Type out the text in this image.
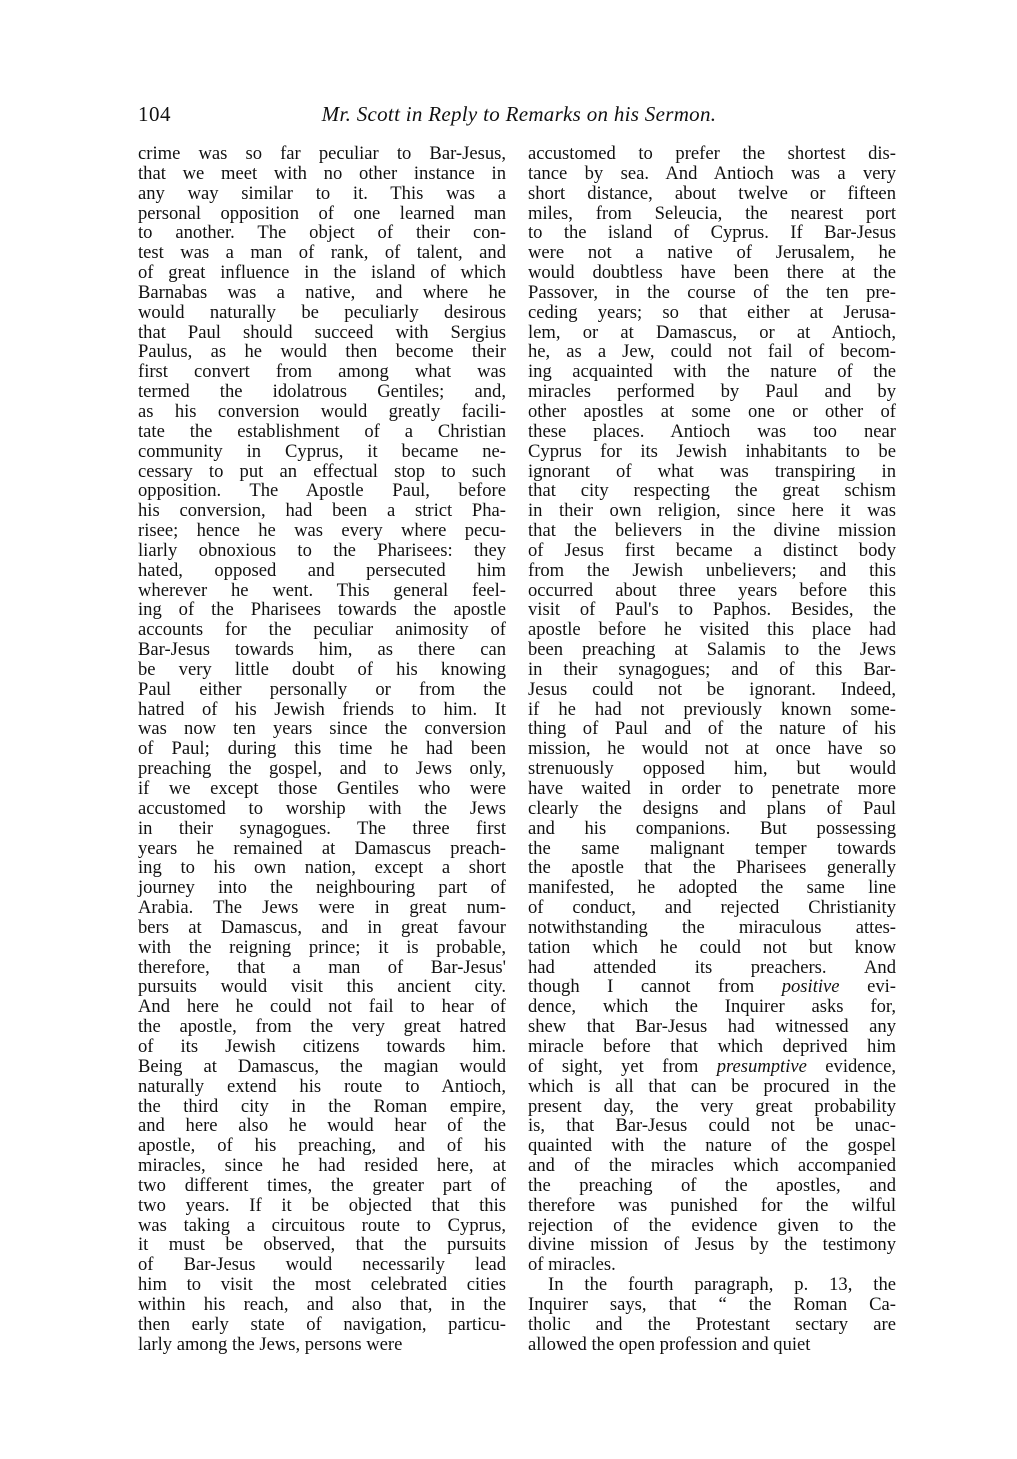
104	Mr. Scott in Reply to Remarks on his Sermon.
crime was so far peculiar to Bar-Jesus,
that we meet with no other instance in
any way similar to it. This was a
personal opposition of one learned man
to another. The object of their con-
test was a man of rank, of talent, and
of great influence in the island of which
Barnabas was a native, and where he
would naturally be peculiarly desirous
that Paul should succeed with Sergius
Paulus, as he would then become their
first convert from among what was
termed the idolatrous Gentiles; and,
as his conversion would greatly facili-
tate the establishment of a Christian
community in Cyprus, it became ne-
cessary to put an effectual stop to such
opposition. The Apostle Paul, before
his conversion, had been a strict Pha-
risee; hence he was every where pecu-
liarly obnoxious to the Pharisees: they
hated, opposed and persecuted him
wherever he went. This general feel-
ing of the Pharisees towards the apostle
accounts for the peculiar animosity of
Bar-Jesus towards him, as there can
be very little doubt of his knowing
Paul either personally or from the
hatred of his Jewish friends to him. It
was now ten years since the conversion
of Paul; during this time he had been
preaching the gospel, and to Jews only,
if we except those Gentiles who were
accustomed to worship with the Jews
in their synagogues. The three first
years he remained at Damascus preach-
ing to his own nation, except a short
journey into the neighbouring part of
Arabia. The Jews were in great num-
bers at Damascus, and in great favour
with the reigning prince; it is probable,
therefore, that a man of Bar-Jesus'
pursuits would visit this ancient city.
And here he could not fail to hear of
the apostle, from the very great hatred
of its Jewish citizens towards him.
Being at Damascus, the magian would
naturally extend his route to Antioch,
the third city in the Roman empire,
and here also he would hear of the
apostle, of his preaching, and of his
miracles, since he had resided here, at
two different times, the greater part of
two years. If it be objected that this
was taking a circuitous route to Cyprus,
it must be observed, that the pursuits
of Bar-Jesus would necessarily lead
him to visit the most celebrated cities
within his reach, and also that, in the
then early state of navigation, particu-
larly among the Jews, persons were
accustomed to prefer the shortest dis-
tance by sea. And Antioch was a very
short distance, about twelve or fifteen
miles, from Seleucia, the nearest port
to the island of Cyprus. If Bar-Jesus
were not a native of Jerusalem, he
would doubtless have been there at the
Passover, in the course of the ten pre-
ceding years; so that either at Jerusa-
lem, or at Damascus, or at Antioch,
he, as a Jew, could not fail of becom-
ing acquainted with the nature of the
miracles performed by Paul and by
other apostles at some one or other of
these places. Antioch was too near
Cyprus for its Jewish inhabitants to be
ignorant of what was transpiring in
that city respecting the great schism
in their own religion, since here it was
that the believers in the divine mission
of Jesus first became a distinct body
from the Jewish unbelievers; and this
occurred about three years before this
visit of Paul's to Paphos. Besides, the
apostle before he visited this place had
been preaching at Salamis to the Jews
in their synagogues; and of this Bar-
Jesus could not be ignorant. Indeed,
if he had not previously known some-
thing of Paul and of the nature of his
mission, he would not at once have so
strenuously opposed him, but would
have waited in order to penetrate more
clearly the designs and plans of Paul
and his companions. But possessing
the same malignant temper towards
the apostle that the Pharisees generally
manifested, he adopted the same line
of conduct, and rejected Christianity
notwithstanding the miraculous attes-
tation which he could not but know
had attended its preachers. And
though I cannot from positive evi-
dence, which the Inquirer asks for,
shew that Bar-Jesus had witnessed any
miracle before that which deprived him
of sight, yet from presumptive evidence,
which is all that can be procured in the
present day, the very great probability
is, that Bar-Jesus could not be unac-
quainted with the nature of the gospel
and of the miracles which accompanied
the preaching of the apostles, and
therefore was punished for the wilful
rejection of the evidence given to the
divine mission of Jesus by the testimony
of miracles.
In the fourth paragraph, p. 13, the
Inquirer says, that “ the Roman Ca-
tholic and the Protestant sectary are
allowed the open profession and quiet
